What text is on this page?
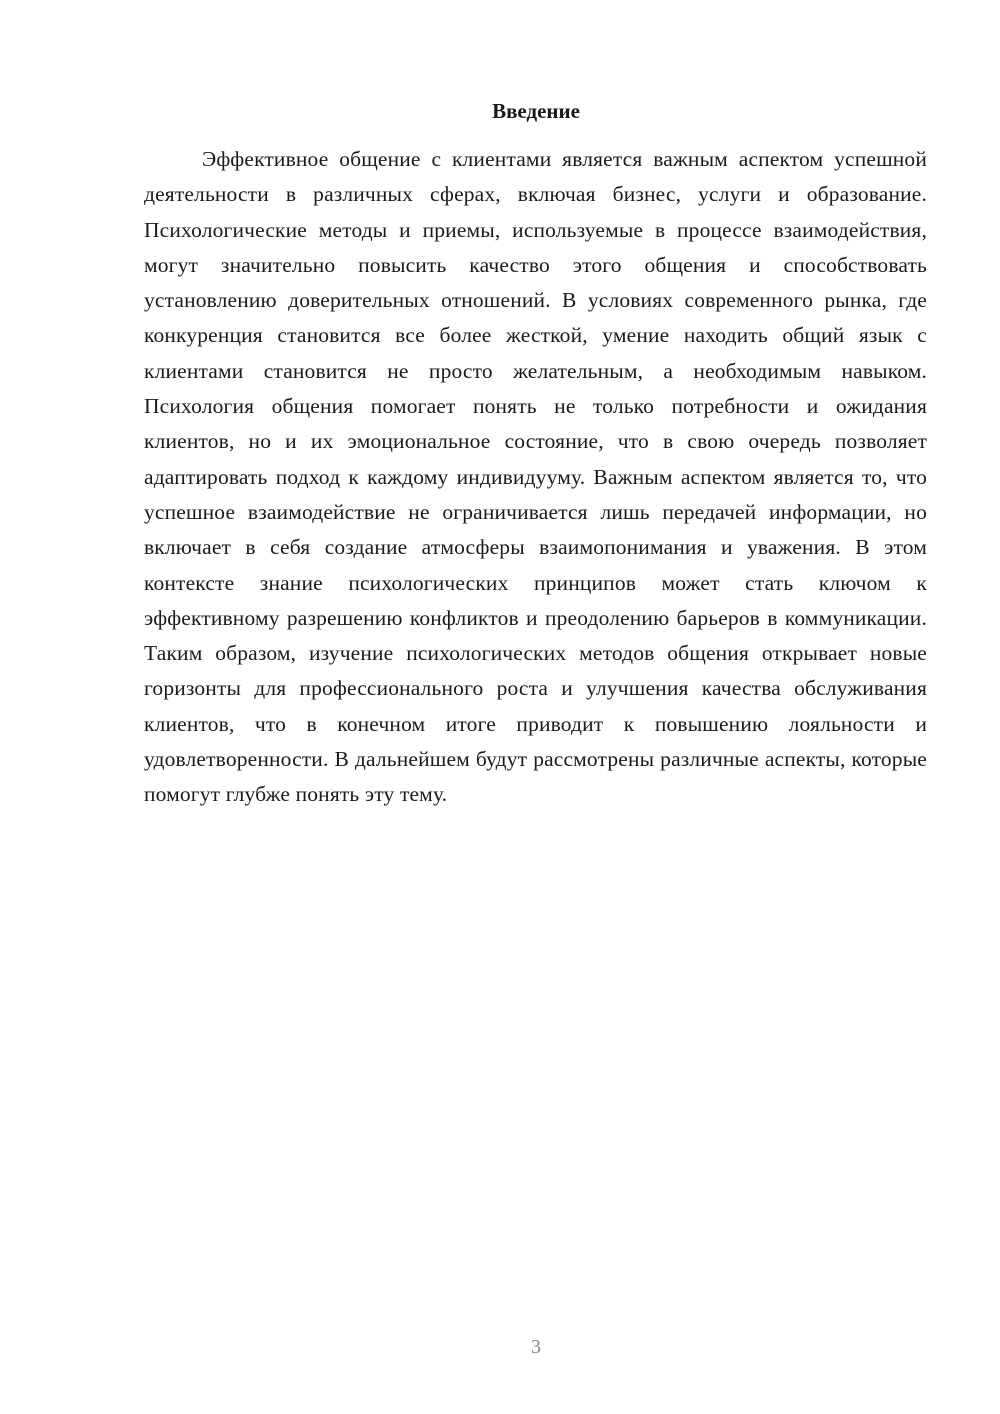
Введение

Эффективное общение с клиентами является важным аспектом успешной деятельности в различных сферах, включая бизнес, услуги и образование. Психологические методы и приемы, используемые в процессе взаимодействия, могут значительно повысить качество этого общения и способствовать установлению доверительных отношений. В условиях современного рынка, где конкуренция становится все более жесткой, умение находить общий язык с клиентами становится не просто желательным, а необходимым навыком. Психология общения помогает понять не только потребности и ожидания клиентов, но и их эмоциональное состояние, что в свою очередь позволяет адаптировать подход к каждому индивидууму. Важным аспектом является то, что успешное взаимодействие не ограничивается лишь передачей информации, но включает в себя создание атмосферы взаимопонимания и уважения. В этом контексте знание психологических принципов может стать ключом к эффективному разрешению конфликтов и преодолению барьеров в коммуникации. Таким образом, изучение психологических методов общения открывает новые горизонты для профессионального роста и улучшения качества обслуживания клиентов, что в конечном итоге приводит к повышению лояльности и удовлетворенности. В дальнейшем будут рассмотрены различные аспекты, которые помогут глубже понять эту тему.

3
